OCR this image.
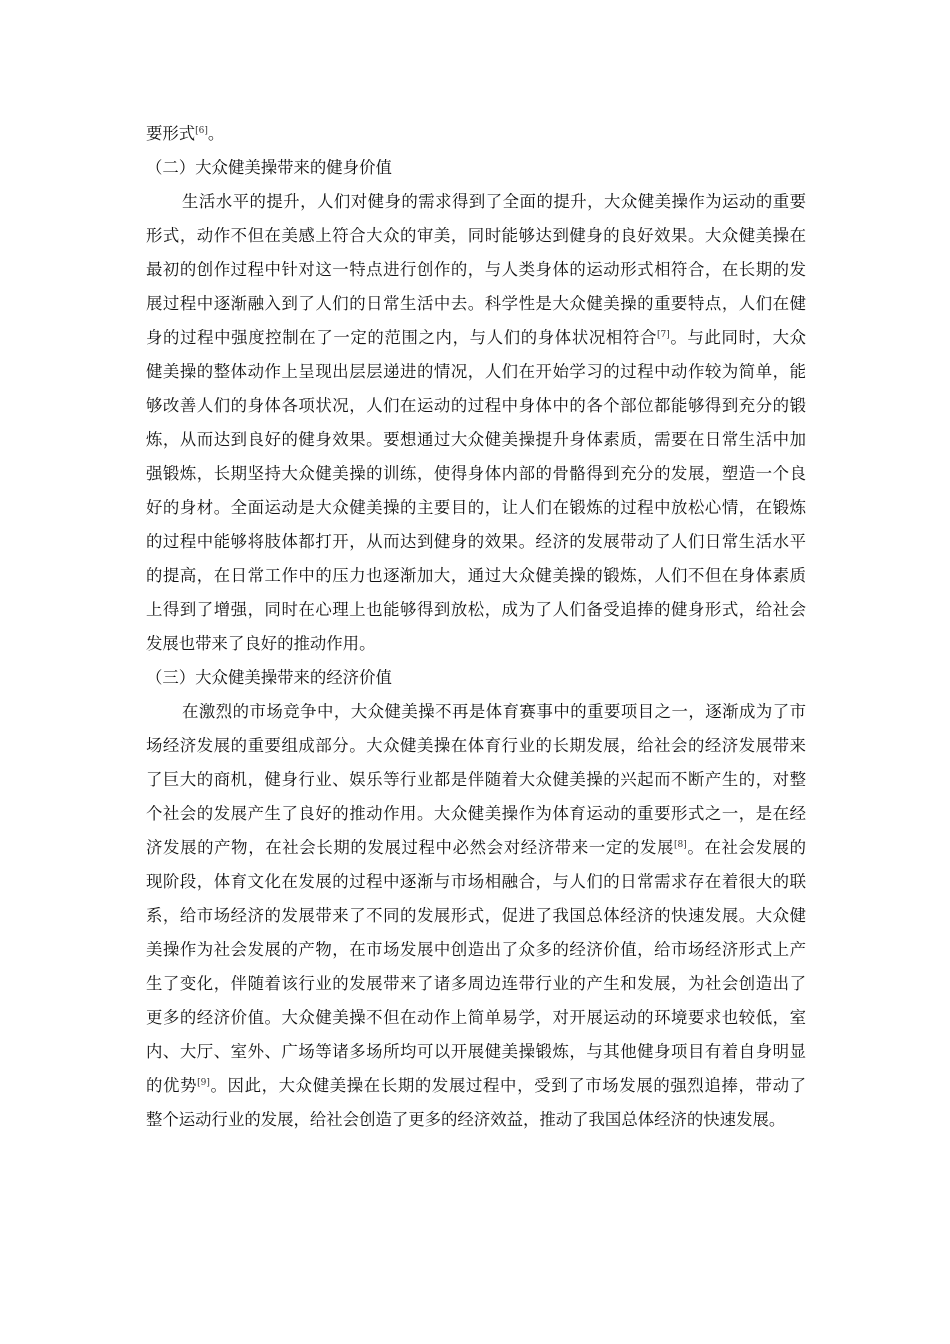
要形式[6]。
（二）大众健美操带来的健身价值
生活水平的提升，人们对健身的需求得到了全面的提升，大众健美操作为运动的重要
形式，动作不但在美感上符合大众的审美，同时能够达到健身的良好效果。大众健美操在
最初的创作过程中针对这一特点进行创作的，与人类身体的运动形式相符合，在长期的发
展过程中逐渐融入到了人们的日常生活中去。科学性是大众健美操的重要特点，人们在健
身的过程中强度控制在了一定的范围之内，与人们的身体状况相符合[7]。与此同时，大众
健美操的整体动作上呈现出层层递进的情况，人们在开始学习的过程中动作较为简单，能
够改善人们的身体各项状况，人们在运动的过程中身体中的各个部位都能够得到充分的锻
炼，从而达到良好的健身效果。要想通过大众健美操提升身体素质，需要在日常生活中加
强锻炼，长期坚持大众健美操的训练，使得身体内部的骨骼得到充分的发展，塑造一个良
好的身材。全面运动是大众健美操的主要目的，让人们在锻炼的过程中放松心情，在锻炼
的过程中能够将肢体都打开，从而达到健身的效果。经济的发展带动了人们日常生活水平
的提高，在日常工作中的压力也逐渐加大，通过大众健美操的锻炼，人们不但在身体素质
上得到了增强，同时在心理上也能够得到放松，成为了人们备受追捧的健身形式，给社会
发展也带来了良好的推动作用。
（三）大众健美操带来的经济价值
在激烈的市场竞争中，大众健美操不再是体育赛事中的重要项目之一，逐渐成为了市
场经济发展的重要组成部分。大众健美操在体育行业的长期发展，给社会的经济发展带来
了巨大的商机，健身行业、娱乐等行业都是伴随着大众健美操的兴起而不断产生的，对整
个社会的发展产生了良好的推动作用。大众健美操作为体育运动的重要形式之一，是在经
济发展的产物，在社会长期的发展过程中必然会对经济带来一定的发展[8]。在社会发展的
现阶段，体育文化在发展的过程中逐渐与市场相融合，与人们的日常需求存在着很大的联
系，给市场经济的发展带来了不同的发展形式，促进了我国总体经济的快速发展。大众健
美操作为社会发展的产物，在市场发展中创造出了众多的经济价值，给市场经济形式上产
生了变化，伴随着该行业的发展带来了诸多周边连带行业的产生和发展，为社会创造出了
更多的经济价值。大众健美操不但在动作上简单易学，对开展运动的环境要求也较低，室
内、大厅、室外、广场等诸多场所均可以开展健美操锻炼，与其他健身项目有着自身明显
的优势[9]。因此，大众健美操在长期的发展过程中，受到了市场发展的强烈追捧，带动了
整个运动行业的发展，给社会创造了更多的经济效益，推动了我国总体经济的快速发展。
